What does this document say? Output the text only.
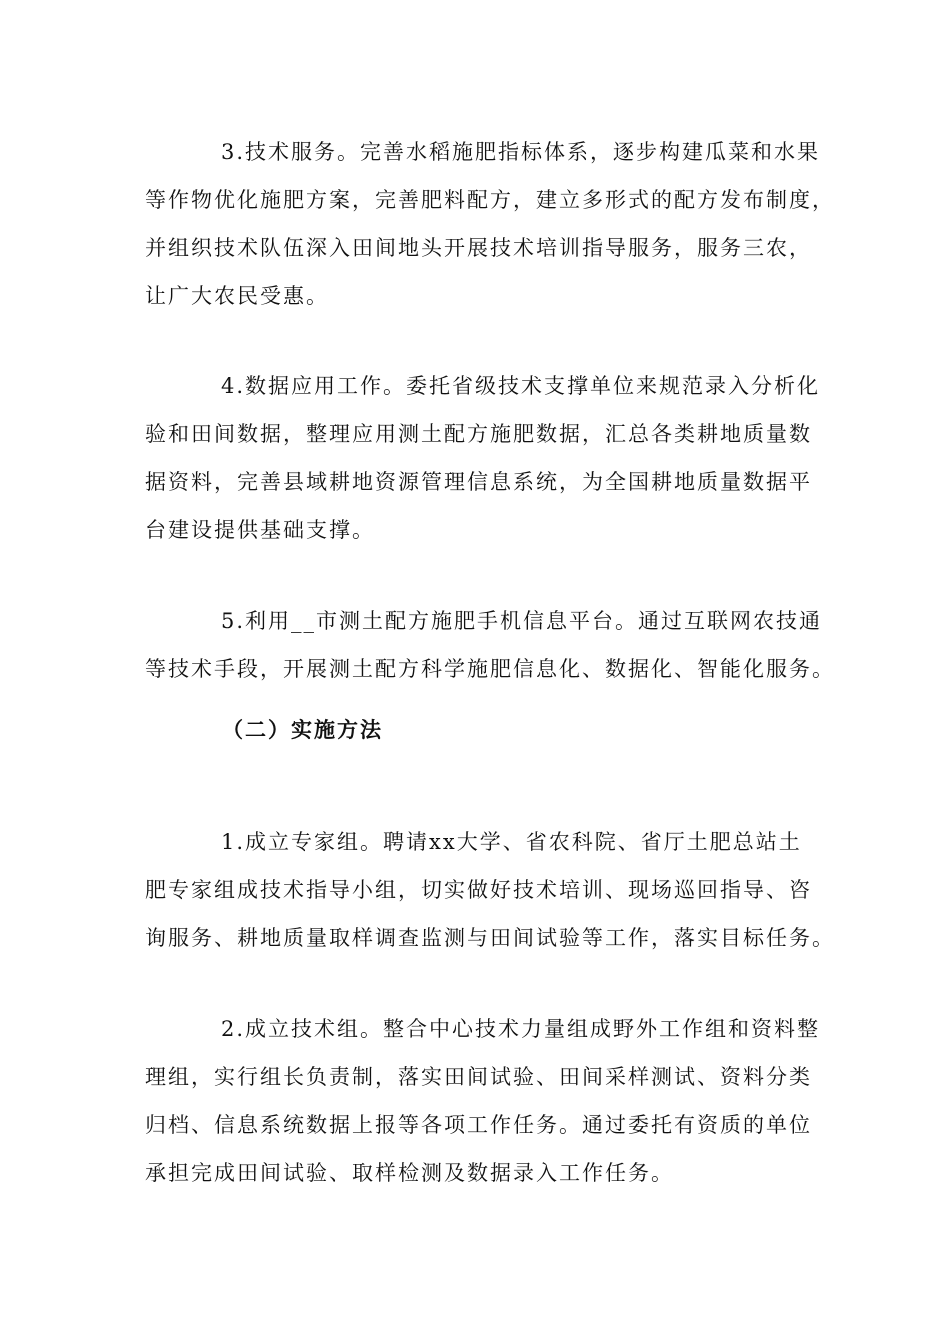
3.技术服务。完善水稻施肥指标体系，逐步构建瓜菜和水果
等作物优化施肥方案，完善肥料配方，建立多形式的配方发布制度，
并组织技术队伍深入田间地头开展技术培训指导服务，服务三农，
让广大农民受惠。
4.数据应用工作。委托省级技术支撑单位来规范录入分析化
验和田间数据，整理应用测土配方施肥数据，汇总各类耕地质量数
据资料，完善县域耕地资源管理信息系统，为全国耕地质量数据平
台建设提供基础支撑。
5.利用__市测土配方施肥手机信息平台。通过互联网农技通
等技术手段，开展测土配方科学施肥信息化、数据化、智能化服务。
（二）实施方法
1.成立专家组。聘请xx大学、省农科院、省厅土肥总站土
肥专家组成技术指导小组，切实做好技术培训、现场巡回指导、咨
询服务、耕地质量取样调查监测与田间试验等工作，落实目标任务。
2.成立技术组。整合中心技术力量组成野外工作组和资料整
理组，实行组长负责制，落实田间试验、田间采样测试、资料分类
归档、信息系统数据上报等各项工作任务。通过委托有资质的单位
承担完成田间试验、取样检测及数据录入工作任务。
